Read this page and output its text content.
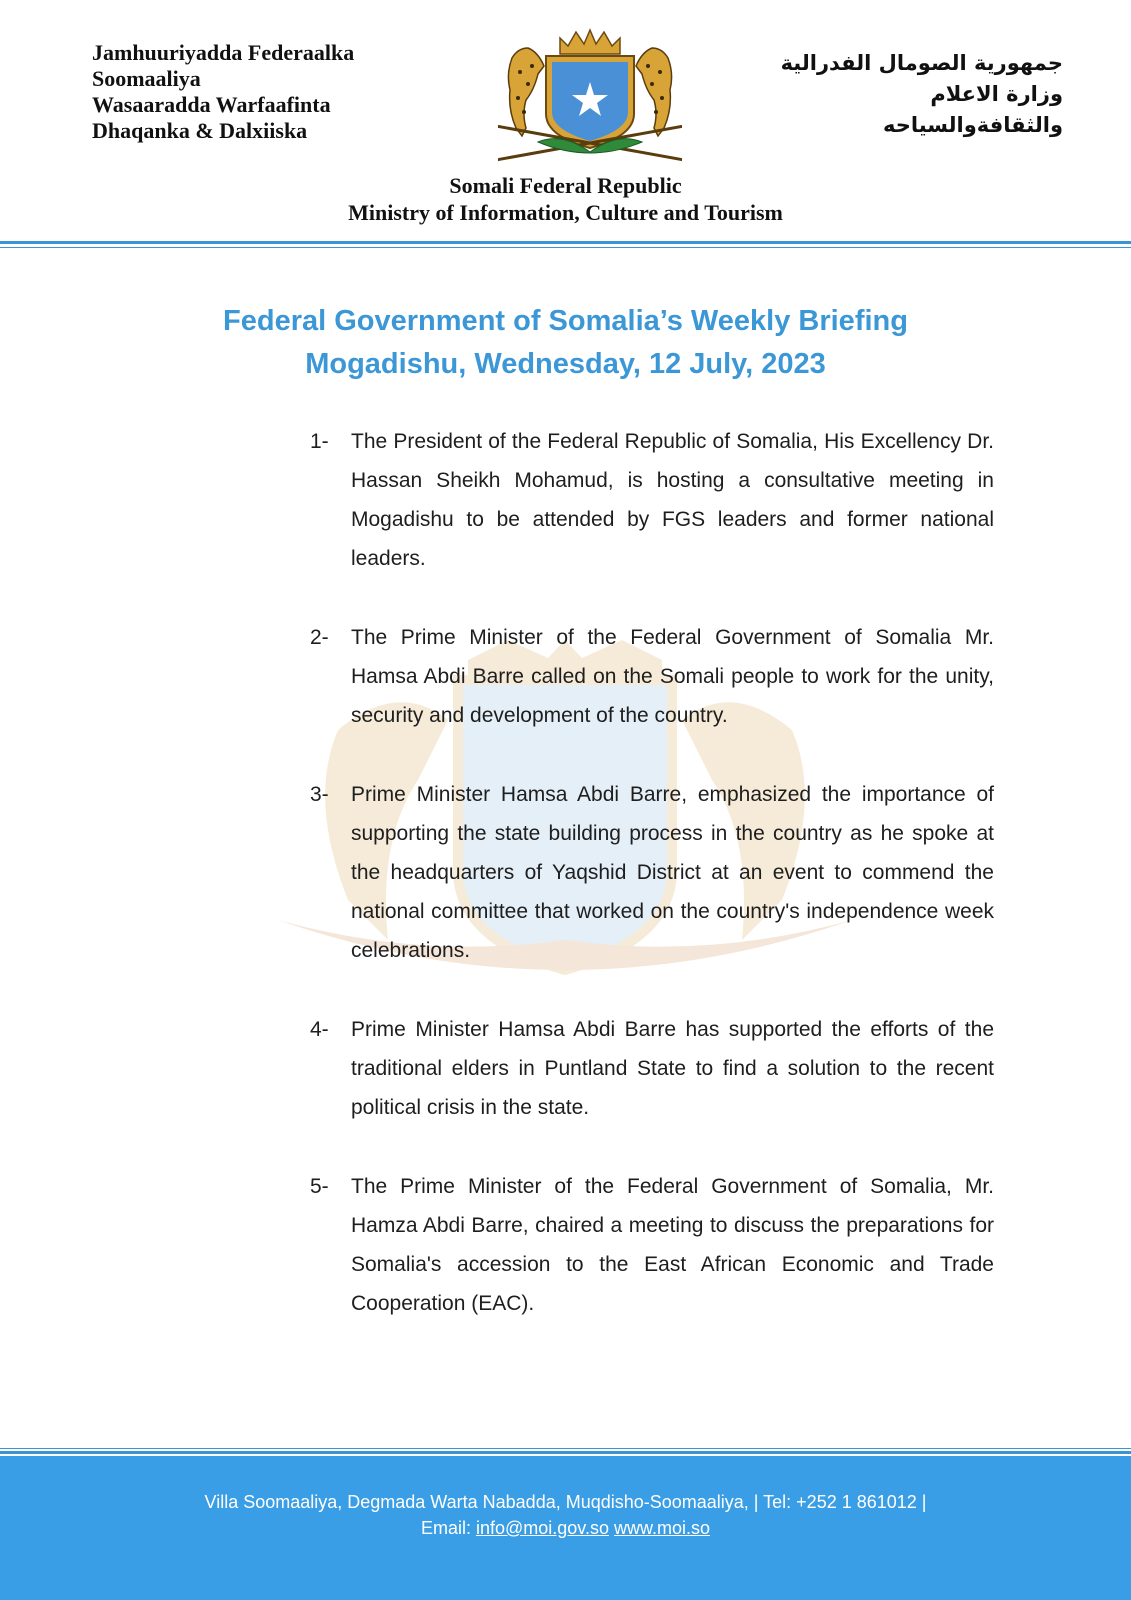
Jamhuuriyadda Federaalka
Soomaaliya
Wasaaradda Warfaafinta
Dhaqanka & Dalxiiska
جمهورية الصومال الفدرالية
وزارة الاعلام
والثقافةوالسياحه
Somali Federal Republic
Ministry of Information, Culture and Tourism
Federal Government of Somalia’s Weekly Briefing
Mogadishu, Wednesday, 12 July, 2023
1-	The President of the Federal Republic of Somalia, His Excellency Dr. Hassan Sheikh Mohamud, is hosting a consultative meeting in Mogadishu to be attended by FGS leaders and former national leaders.
2-	The Prime Minister of the Federal Government of Somalia Mr. Hamsa Abdi Barre called on the Somali people to work for the unity, security and development of the country.
3-	Prime Minister Hamsa Abdi Barre, emphasized the importance of supporting the state building process in the country as he spoke at the headquarters of Yaqshid District at an event to commend the national committee that worked on the country's independence week celebrations.
4-	Prime Minister Hamsa Abdi Barre has supported the efforts of the traditional elders in Puntland State to find a solution to the recent political crisis in the state.
5-	The Prime Minister of the Federal Government of Somalia, Mr. Hamza Abdi Barre, chaired a meeting to discuss the preparations for Somalia's accession to the East African Economic and Trade Cooperation (EAC).
Villa Soomaaliya, Degmada Warta Nabadda, Muqdisho-Soomaaliya, | Tel: +252 1 861012 |
Email: info@moi.gov.so www.moi.so
